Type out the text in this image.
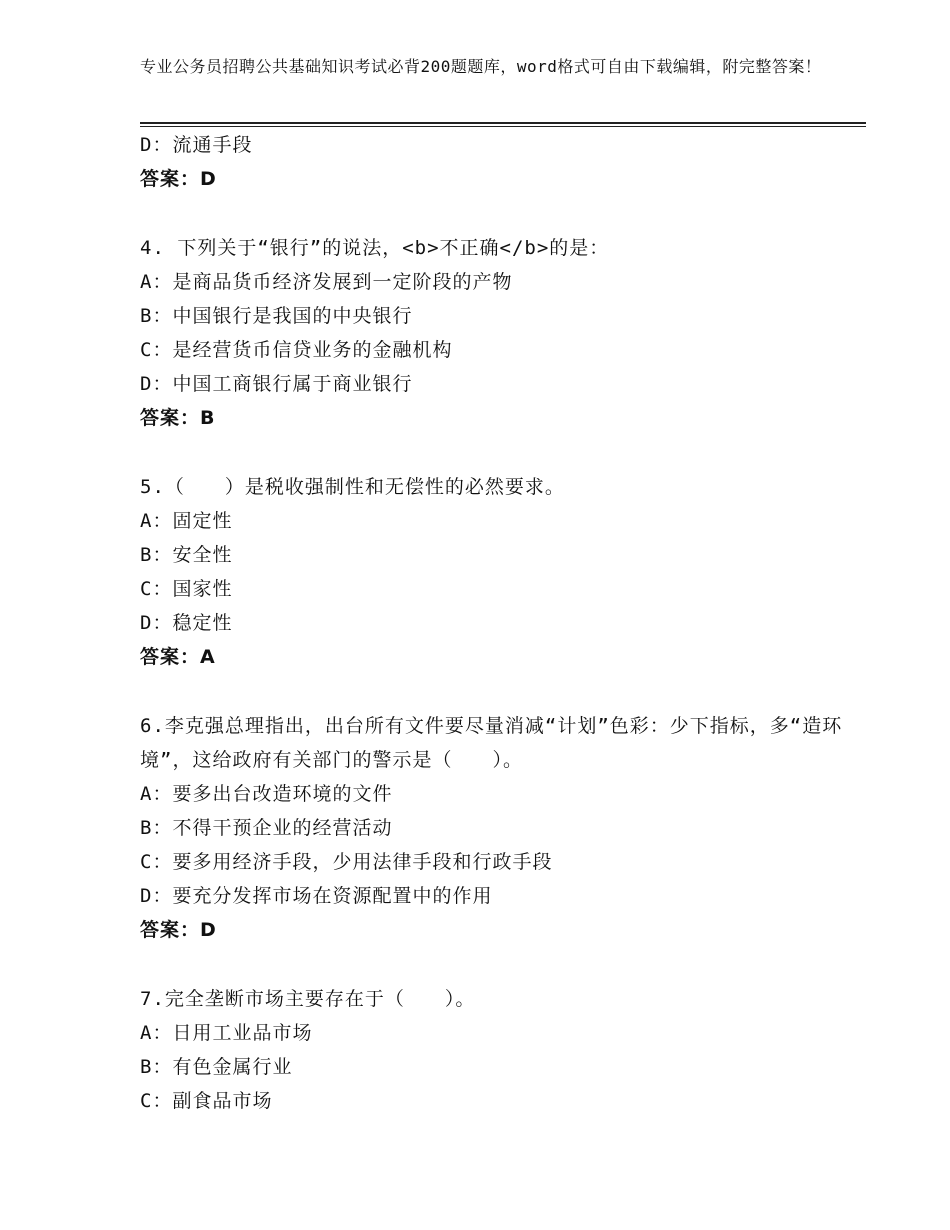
专业公务员招聘公共基础知识考试必背200题题库，word格式可自由下载编辑，附完整答案！
D：流通手段
答案：D
4. 下列关于“银行”的说法，<b>不正确</b>的是：
A：是商品货币经济发展到一定阶段的产物
B：中国银行是我国的中央银行
C：是经营货币信贷业务的金融机构
D：中国工商银行属于商业银行
答案：B
5.（　　）是税收强制性和无偿性的必然要求。
A：固定性
B：安全性
C：国家性
D：稳定性
答案：A
6.李克强总理指出，出台所有文件要尽量消减“计划”色彩：少下指标，多“造环境”，这给政府有关部门的警示是（　　）。
A：要多出台改造环境的文件
B：不得干预企业的经营活动
C：要多用经济手段，少用法律手段和行政手段
D：要充分发挥市场在资源配置中的作用
答案：D
7.完全垄断市场主要存在于（　　）。
A：日用工业品市场
B：有色金属行业
C：副食品市场
